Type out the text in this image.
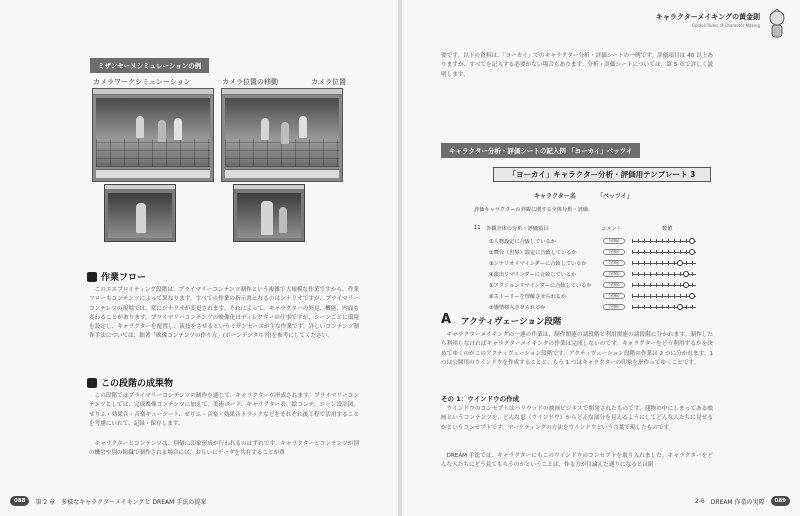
ミザンセーヌシミュレーションの例
カメラワークシミュレーション	カメラ位置の移動	カメラ位置
作業フロー
このエスプロイティング段階は、プライマリーコンテンツ制作という複雑で大規模な作業ですから、作業フローもコンテンツによって異なります。すべての作業の指示書となるのはシナリオですが、プライマリーコンテンツの現場では、常にシナリオが変更されます。それによって、キャラクターの外見、機能、内面も変わることがあります。プライマリーコンテンツの映像化はディレクターの仕事ですが、シーンごとに環境を設定し、キャラクターを配置し、演技をさせるというミザンセーヌが主な作業です。詳しいコンテンツ制作手法については、拙著「映像コンテンツの作り方」(ボーンデジタル刊)を参考にしてください。
この段階の成果物
この段階ではプライマリーコンテンツの制作を通じて、キャラクターが形成されます。プライマリーコンテンツとしては、完成映像コンテンツに加えて、美術ボード、キャラクター表、絵コンテ、シーン設計図、せりふ・効果音・音楽キューシート、せりふ・音楽・効果音トラックなどをそれぞれ後工程で活用することを考慮にいれて、記録・保存します。
キャラクターとコンテンツは、別個に印象形成が行われるのはずれです。キャラクターとコンテンツが別の機会や別の組織で制作される場合には、お互いにデータを共有することが重
088	第 2 章 多様なキャラクターメイキングと DREAM 手法の提案
キャラクターメイキングの黄金則
Golden Rules of Character Making
要です。以下の資料は、「ヨーカイ」でのキャラクター分析・評価シートの一例です。評価項目は 40 以上ありますが、すべてを記入する必要がない場合もあります。分析・評価シートについては、第 5 章で詳しく説明します。
キャラクター分析・評価シートの記入例 「ヨーカイ」ベッツイ
「ヨーカイ」キャラクター分析・評価用テンプレート 3
キャラクター名	「ベッツイ」
評価キャラクターの外観に関する全体分析・評価
11 外観全体の分析・評価項目	コメント	数値
①人物設定に合致しているか	(省略)
②舞台（世界）設定に合致しているか	(省略)
③シナリオリマインダーに合致しているか	(省略)
④演出リマインダーに合致しているか	(省略)
⑤アクションリマインダーに合致しているか	(省略)
⑥ストーリーを理解させられるか	(省略)
⑦感情移入させられるか	(省略)
A アクティヴェーション段階
キャラクターメイキングの一連の作業は、制作関連の諸段階と利用関連の諸段階に分かれます。制作したら利用しなければキャラクターメイキングの作業は完成しないのです。キャラクターをどう利用するかを決めてゆくのがこのアクティヴェーション段階です。アクティヴェーション段階の作業は 2 つに分かれます。1 つは公開用のウインドウを作成することと、もう 1 つはキャラクターの印象を形作ってゆくことです。
その 1：ウインドウの作成
ウインドウのコンセプトはハリウッドの映画ビジネスで開発されたものです。建物の中にしまってある映画というコンテンツを、どんな窓（ウインドウ）からどんな部分を見えるようにしてどんな人たちに見せるかというコンセプトです。マーケティングの方法をウインドウという言葉で現したものです。
DREAM 手法では、キャラクターにもこのウインドウのコンセプトを取り入れました。キャラクターをどんな人たちにどう見てもらうのかということは、作る方が目論んだ通りになるとは限
2-6 DREAM 作業の実際	089
